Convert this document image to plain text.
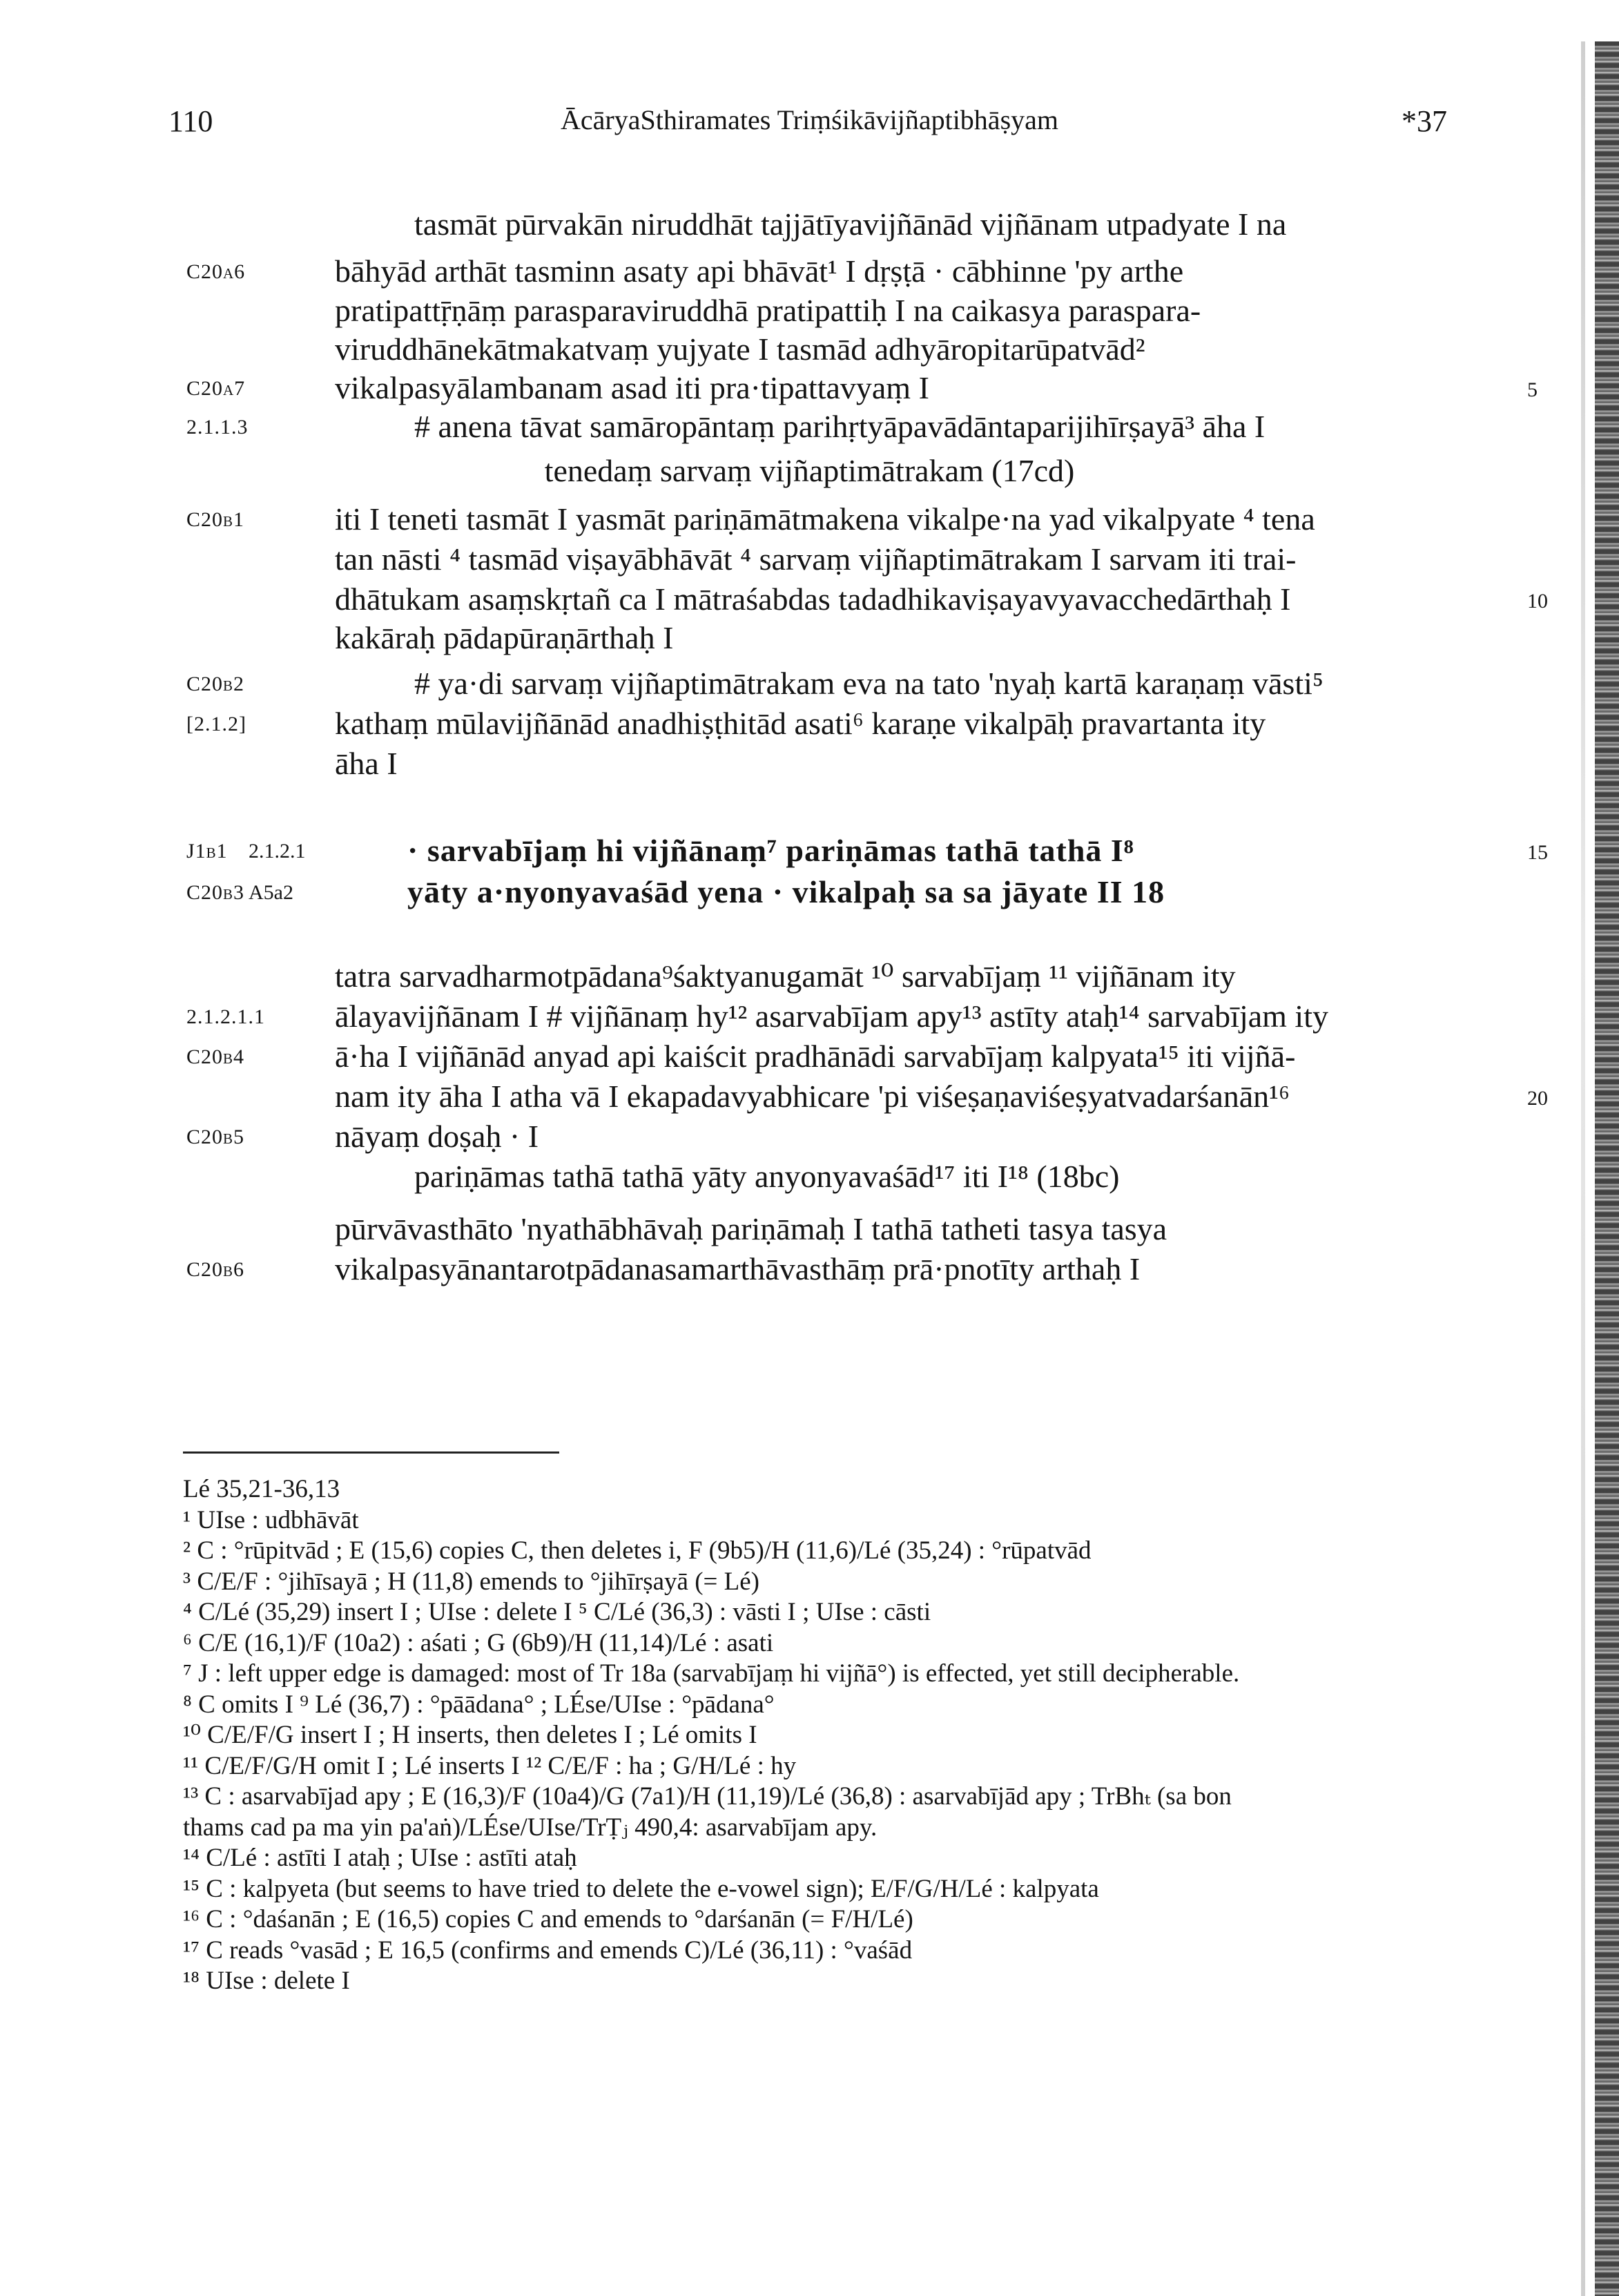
110	ĀcāryaSthiramates Triṃśikāvijñaptibhāṣyam	*37
tasmāt pūrvakān niruddhāt tajjātīyavijñānād vijñānam utpadyate I na
C20a6	bāhyād arthāt tasminn asaty api bhāvāt¹ I dṛṣṭā · cābhinne 'py arthe
pratipattṝṇāṃ parasparaviruddhā pratipattiḥ I na caikasya paraspara-
viruddhānekātmakatvaṃ yujyate I tasmād adhyāropitarūpatvād²
C20a7	vikalpasyālambanam asad iti pra·tipattavyaṃ I	5
2.1.1.3	# anena tāvat samāropāntaṃ parihṛtyāpavādāntaparijihīrṣayā³ āha I
tenedaṃ sarvaṃ vijñaptimātrakam (17cd)
C20b1	iti I teneti tasmāt I yasmāt pariṇāmātmakena vikalpe·na yad vikalpyate ⁴ tena
tan nāsti ⁴ tasmād viṣayābhāvāt ⁴ sarvaṃ vijñaptimātrakam I sarvam iti trai-
dhātukam asaṃskṛtañ ca I mātraśabdas tadadhikaviṣayavyavacchedārthaḥ I	10
kakāraḥ pādapūraṇārthaḥ I
C20b2	# ya·di sarvaṃ vijñaptimātrakam eva na tato 'nyaḥ kartā karaṇaṃ vāsti⁵
[2.1.2]	kathaṃ mūlavijñānād anadhiṣṭhitād asati⁶ karaṇe vikalpāḥ pravartanta ity
āha I
J1b1 2.1.2.1	· sarvabījaṃ hi vijñānaṃ⁷ pariṇāmas tathā tathā I⁸	15
C20b3 A5a2	yāty a·nyonyavaśād yena · vikalpaḥ sa sa jāyate II 18
tatra sarvadharmotpādana⁹śaktyanugamāt ¹⁰ sarvabījaṃ ¹¹ vijñānam ity
2.1.2.1.1 ālayavijñānam I # vijñānaṃ hy¹² asarvabījam apy¹³ astīty ataḥ¹⁴ sarvabījam ity
C20b4	ā·ha I vijñānād anyad api kaiścit pradhānādi sarvabījaṃ kalpyata¹⁵ iti vijñā-
nam ity āha I atha vā I ekapadavyabhicare 'pi viśeṣaṇaviśeṣyatvadarśanān¹⁶	20
C20b5	nāyaṃ doṣaḥ · I
pariṇāmas tathā tathā yāty anyonyavaśād¹⁷ iti I¹⁸ (18bc)
pūrvāvasthāto 'nyathābhāvaḥ pariṇāmaḥ I tathā tatheti tasya tasya
C20b6	vikalpasyānantarotpādanasamarthāvasthāṃ prā·pnotīty arthaḥ I
Lé 35,21-36,13
¹ UIse : udbhāvāt
² C : °rūpitvād ; E (15,6) copies C, then deletes i, F (9b5)/H (11,6)/Lé (35,24) : °rūpatvād
³ C/E/F : °jihīsayā ; H (11,8) emends to °jihīrṣayā (= Lé)
⁴ C/Lé (35,29) insert I ; UIse : delete I ⁵ C/Lé (36,3) : vāsti I ; UIse : cāsti
⁶ C/E (16,1)/F (10a2) : aśati ; G (6b9)/H (11,14)/Lé : asati
⁷ J : left upper edge is damaged: most of Tr 18a (sarvabījaṃ hi vijñā°) is effected, yet still decipherable.
⁸ C omits I ⁹ Lé (36,7) : °pāādana° ; LÉse/UIse : °pādana°
¹⁰ C/E/F/G insert I ; H inserts, then deletes I ; Lé omits I
¹¹ C/E/F/G/H omit I ; Lé inserts I ¹² C/E/F : ha ; G/H/Lé : hy
¹³ C : asarvabījad apy ; E (16,3)/F (10a4)/G (7a1)/H (11,19)/Lé (36,8) : asarvabījād apy ; TrBhₜ (sa bon
thams cad pa ma yin pa'aṅ)/LÉse/UIse/TrṬⱼ 490,4: asarvabījam apy.
¹⁴ C/Lé : astīti I ataḥ ; UIse : astīti ataḥ
¹⁵ C : kalpyeta (but seems to have tried to delete the e-vowel sign); E/F/G/H/Lé : kalpyata
¹⁶ C : °daśanān ; E (16,5) copies C and emends to °darśanān (= F/H/Lé)
¹⁷ C reads °vasād ; E 16,5 (confirms and emends C)/Lé (36,11) : °vaśād
¹⁸ UIse : delete I
